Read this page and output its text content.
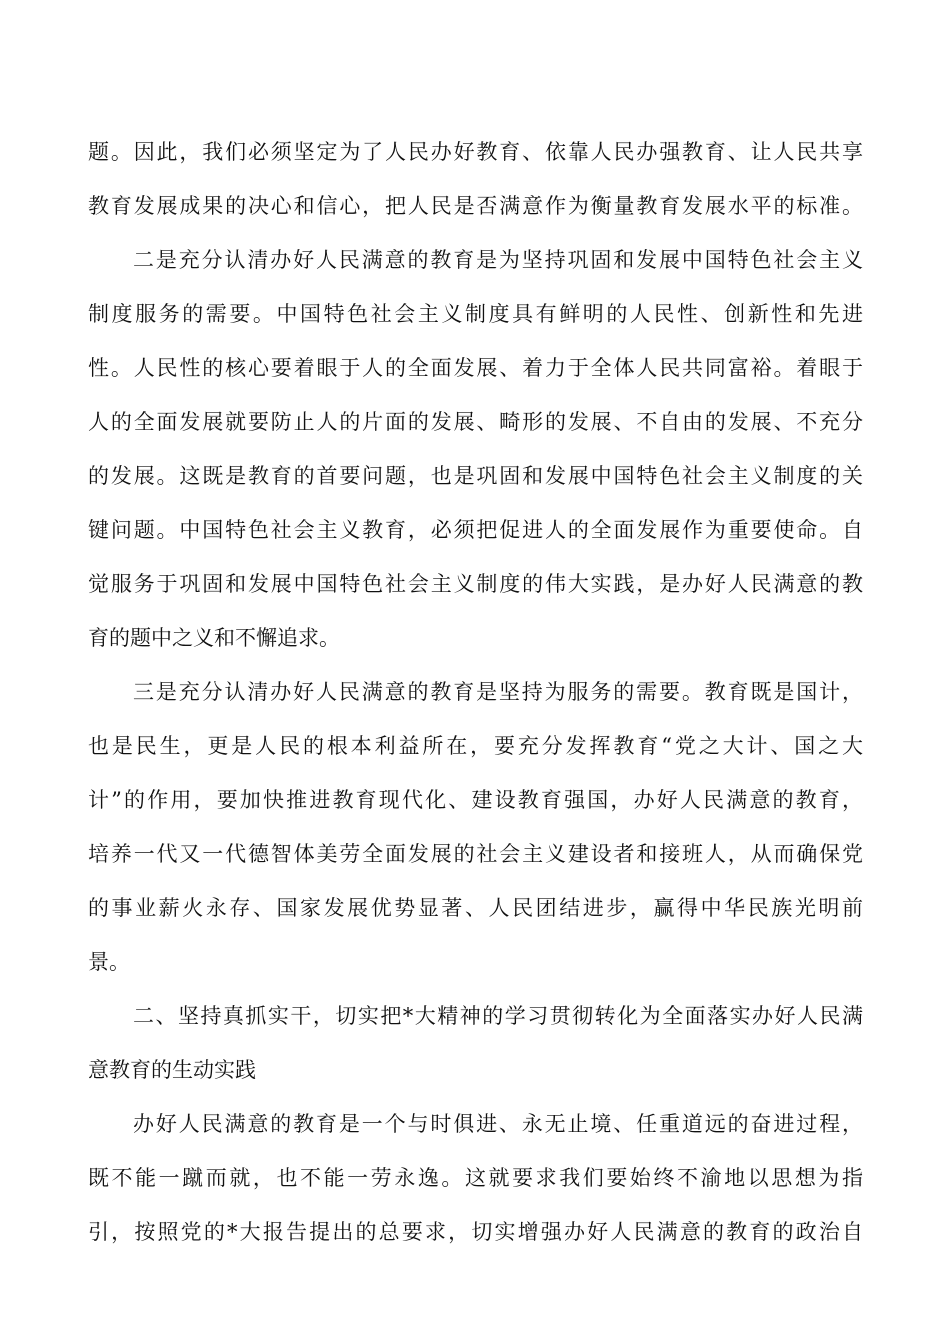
题。因此，我们必须坚定为了人民办好教育、依靠人民办强教育、让人民共享
教育发展成果的决心和信心，把人民是否满意作为衡量教育发展水平的标准。
二是充分认清办好人民满意的教育是为坚持巩固和发展中国特色社会主义
制度服务的需要。中国特色社会主义制度具有鲜明的人民性、创新性和先进
性。人民性的核心要着眼于人的全面发展、着力于全体人民共同富裕。着眼于
人的全面发展就要防止人的片面的发展、畸形的发展、不自由的发展、不充分
的发展。这既是教育的首要问题，也是巩固和发展中国特色社会主义制度的关
键问题。中国特色社会主义教育，必须把促进人的全面发展作为重要使命。自
觉服务于巩固和发展中国特色社会主义制度的伟大实践，是办好人民满意的教
育的题中之义和不懈追求。
三是充分认清办好人民满意的教育是坚持为服务的需要。教育既是国计，
也是民生，更是人民的根本利益所在，要充分发挥教育“党之大计、国之大
计”的作用，要加快推进教育现代化、建设教育强国，办好人民满意的教育，
培养一代又一代德智体美劳全面发展的社会主义建设者和接班人，从而确保党
的事业薪火永存、国家发展优势显著、人民团结进步，赢得中华民族光明前
景。
二、坚持真抓实干，切实把*大精神的学习贯彻转化为全面落实办好人民满
意教育的生动实践
办好人民满意的教育是一个与时俱进、永无止境、任重道远的奋进过程，
既不能一蹴而就，也不能一劳永逸。这就要求我们要始终不渝地以思想为指
引，按照党的*大报告提出的总要求，切实增强办好人民满意的教育的政治自
